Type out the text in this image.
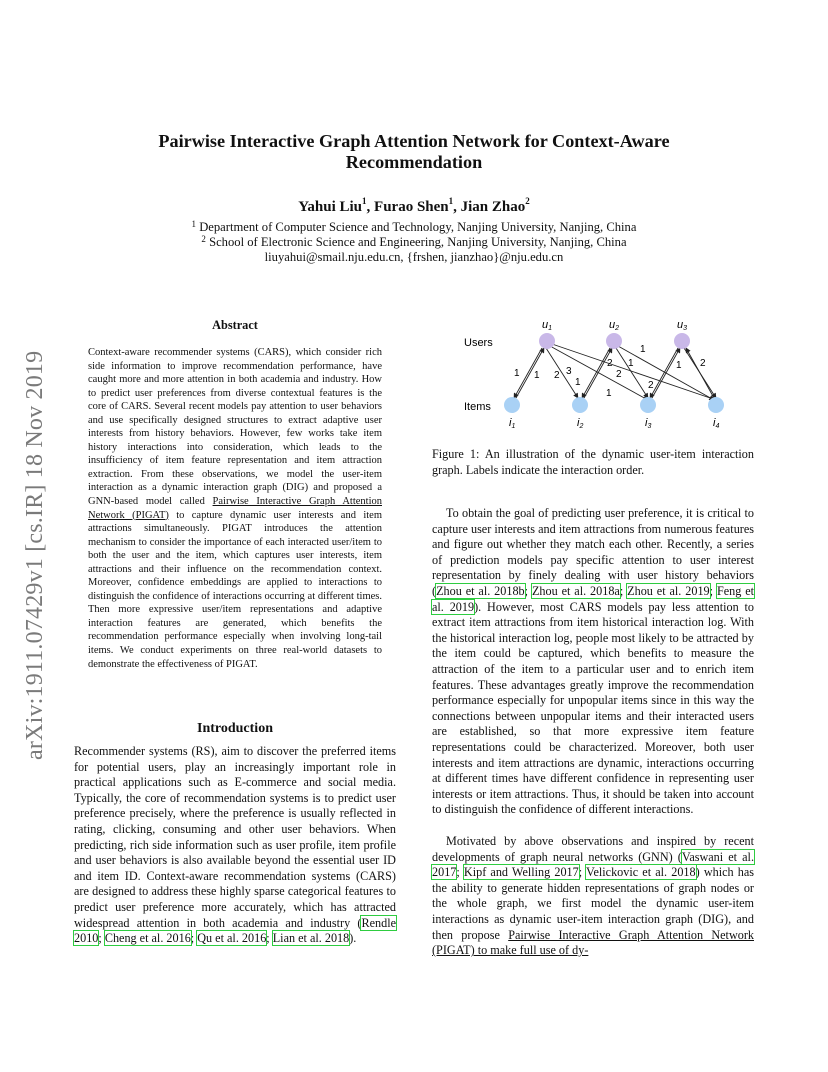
arXiv:1911.07429v1 [cs.IR] 18 Nov 2019
Pairwise Interactive Graph Attention Network for Context-Aware Recommendation
Yahui Liu$^1$, Furao Shen$^1$, Jian Zhao$^2$
$^1$ Department of Computer Science and Technology, Nanjing University, Nanjing, China
$^2$ School of Electronic Science and Engineering, Nanjing University, Nanjing, China
liuyahui@smail.nju.edu.cn, {frshen, jianzhao}@nju.edu.cn
Abstract
Context-aware recommender systems (CARS), which consider rich side information to improve recommendation performance, have caught more and more attention in both academia and industry. How to predict user preferences from diverse contextual features is the core of CARS. Several recent models pay attention to user behaviors and use specifically designed structures to extract adaptive user interests from history behaviors. However, few works take item history interactions into consideration, which leads to the insufficiency of item feature representation and item attraction extraction. From these observations, we model the user-item interaction as a dynamic interaction graph (DIG) and proposed a GNN-based model called Pairwise Interactive Graph Attention Network (PIGAT) to capture dynamic user interests and item attractions simultaneously. PIGAT introduces the attention mechanism to consider the importance of each interacted user/item to both the user and the item, which captures user interests, item attractions and their influence on the recommendation context. Moreover, confidence embeddings are applied to interactions to distinguish the confidence of interactions occurring at different times. Then more expressive user/item representations and adaptive interaction features are generated, which benefits the recommendation performance especially when involving long-tail items. We conduct experiments on three real-world datasets to demonstrate the effectiveness of PIGAT.
Introduction

Recommender systems (RS), aim to discover the preferred items for potential users, play an increasingly important role in practical applications such as E-commerce and social media. Typically, the core of recommendation systems is to predict user preference precisely, where the preference is usually reflected in rating, clicking, consuming and other user behaviors. When predicting, rich side information such as user profile, item profile and user behaviors is also available beyond the essential user ID and item ID. Context-aware recommendation systems (CARS) are designed to address these highly sparse categorical features to predict user preference more accurately, which has attracted widespread attention in both academia and industry (Rendle 2010; Cheng et al. 2016; Qu et al. 2016; Lian et al. 2018).

Users
Items
1 1 2 3
1
2 1
2
1
1
2
1 2
u1	u2	u3
i1	i2	i3	i4
Figure 1: An illustration of the dynamic user-item interaction graph. Labels indicate the interaction order.

To obtain the goal of predicting user preference, it is critical to capture user interests and item attractions from numerous features and figure out whether they match each other. Recently, a series of prediction models pay specific attention to user interest representation by finely dealing with user history behaviors (Zhou et al. 2018b; Zhou et al. 2018a; Zhou et al. 2019; Feng et al. 2019). However, most CARS models pay less attention to extract item attractions from item historical interaction log. With the historical interaction log, people most likely to be attracted by the item could be captured, which benefits to measure the attraction of the item to a particular user and to enrich item features. These advantages greatly improve the recommendation performance especially for unpopular items since in this way the connections between unpopular items and their interacted users are established, so that more expressive item feature representations could be characterized. Moreover, both user interests and item attractions are dynamic, interactions occurring at different times have different confidence in representing user interests or item attractions. Thus, it should be taken into account to distinguish the confidence of different interactions.

Motivated by above observations and inspired by recent developments of graph neural networks (GNN) (Vaswani et al. 2017; Kipf and Welling 2017; Velickovic et al. 2018) which has the ability to generate hidden representations of graph nodes or the whole graph, we first model the dynamic user-item interactions as dynamic user-item interaction graph (DIG), and then propose Pairwise Interactive Graph Attention Network (PIGAT) to make full use of dy-
